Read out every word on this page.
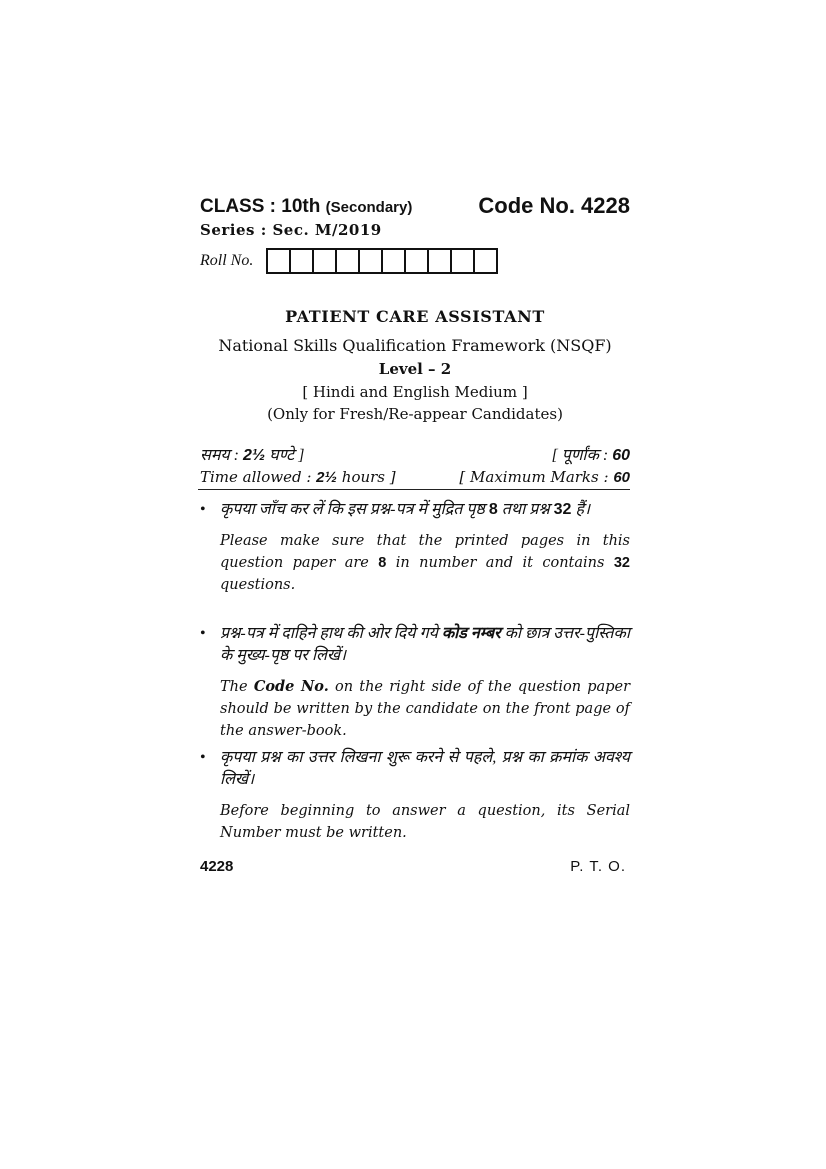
CLASS : 10th (Secondary)	Code No. 4228
Series : Sec. M/2019
Roll No.
PATIENT CARE ASSISTANT
National Skills Qualification Framework (NSQF)
Level – 2
[ Hindi and English Medium ]
(Only for Fresh/Re-appear Candidates)
समय : 2½ घण्टे ]	[ पूर्णांक : 60
Time allowed : 2½ hours ]	[ Maximum Marks : 60
• कृपया जाँच कर लें कि इस प्रश्न-पत्र में मुद्रित पृष्ठ 8 तथा प्रश्न 32 हैं।
Please make sure that the printed pages in this question paper are 8 in number and it contains 32 questions.
• प्रश्न-पत्र में दाहिने हाथ की ओर दिये गये कोड नम्बर को छात्र उत्तर-पुस्तिका के मुख्य-पृष्ठ पर लिखें।
The Code No. on the right side of the question paper should be written by the candidate on the front page of the answer-book.
• कृपया प्रश्न का उत्तर लिखना शुरू करने से पहले, प्रश्न का क्रमांक अवश्य लिखें।
Before beginning to answer a question, its Serial Number must be written.
4228	P. T. O.
